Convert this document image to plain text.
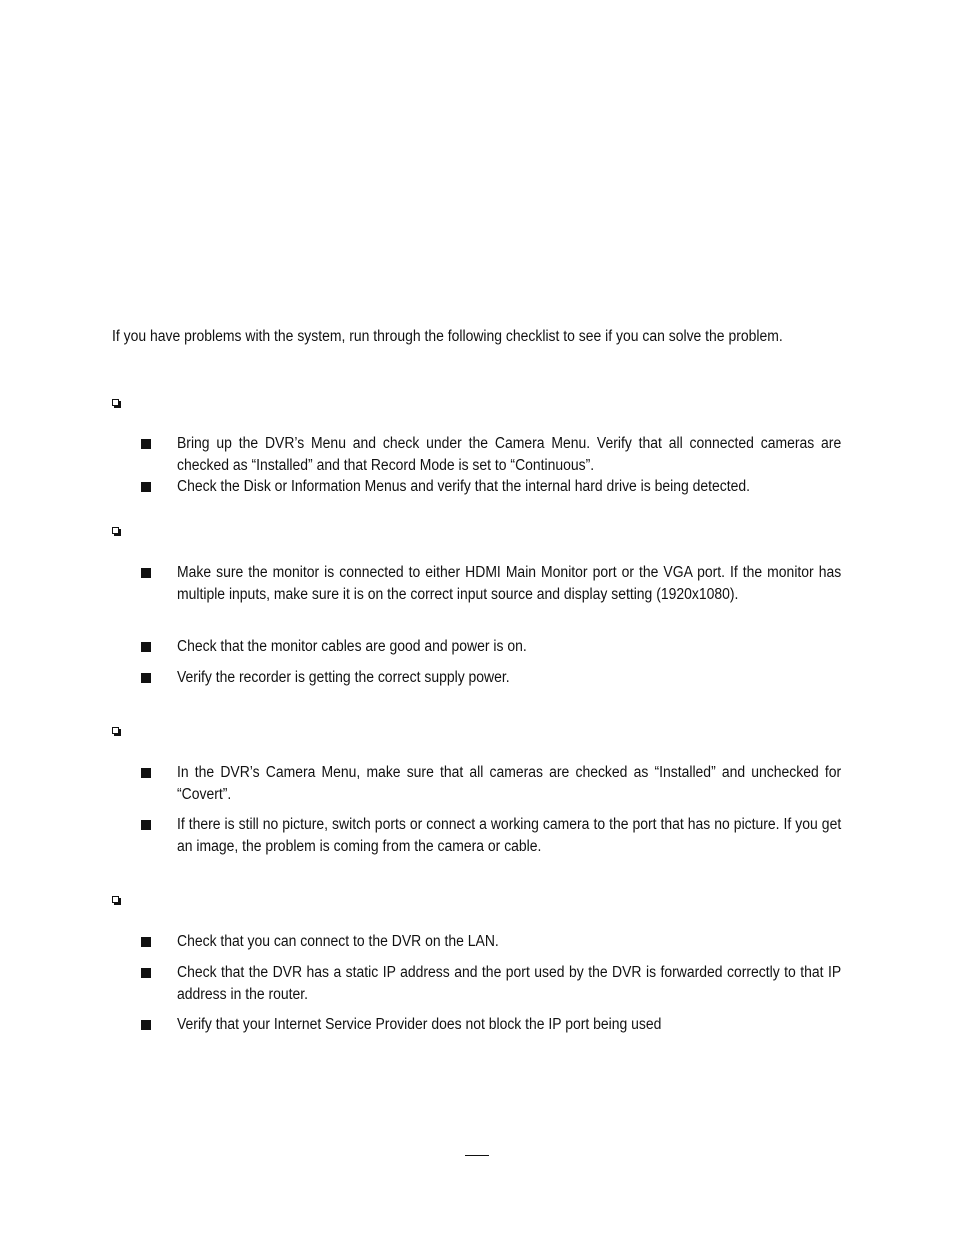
If you have problems with the system, run through the following checklist to see if you can solve the problem.

Bring up the DVR’s Menu and check under the Camera Menu. Verify that all connected cameras are checked as “Installed” and that Record Mode is set to “Continuous”.
Check the Disk or Information Menus and verify that the internal hard drive is being detected.
Make sure the monitor is connected to either HDMI Main Monitor port or the VGA port. If the monitor has multiple inputs, make sure it is on the correct input source and display setting (1920x1080).
Check that the monitor cables are good and power is on.
Verify the recorder is getting the correct supply power.
In the DVR’s Camera Menu, make sure that all cameras are checked as “Installed” and unchecked for “Covert”.
If there is still no picture, switch ports or connect a working camera to the port that has no picture. If you get an image, the problem is coming from the camera or cable.
Check that you can connect to the DVR on the LAN.
Check that the DVR has a static IP address and the port used by the DVR is forwarded correctly to that IP address in the router.
Verify that your Internet Service Provider does not block the IP port being used
